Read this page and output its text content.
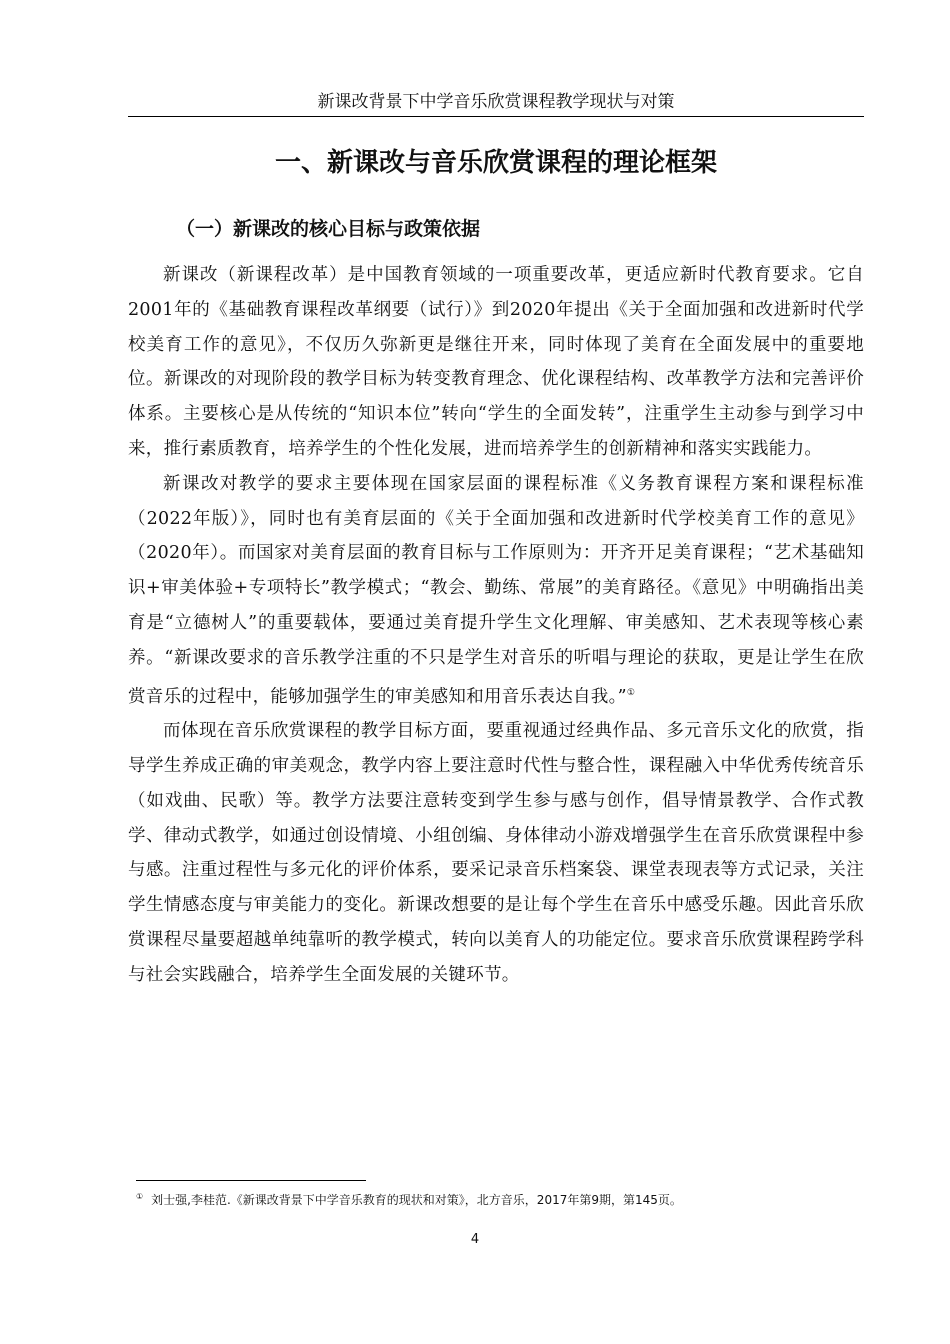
新课改背景下中学音乐欣赏课程教学现状与对策
一、新课改与音乐欣赏课程的理论框架
（一）新课改的核心目标与政策依据

新课改（新课程改革）是中国教育领域的一项重要改革，更适应新时代教育要求。它自2001年的《基础教育课程改革纲要（试行）》到2020年提出《关于全面加强和改进新时代学校美育工作的意见》，不仅历久弥新更是继往开来，同时体现了美育在全面发展中的重要地位。新课改的对现阶段的教学目标为转变教育理念、优化课程结构、改革教学方法和完善评价体系。主要核心是从传统的“知识本位”转向“学生的全面发转”，注重学生主动参与到学习中来，推行素质教育，培养学生的个性化发展，进而培养学生的创新精神和落实实践能力。

新课改对教学的要求主要体现在国家层面的课程标准《义务教育课程方案和课程标准（2022年版）》，同时也有美育层面的《关于全面加强和改进新时代学校美育工作的意见》（2020年）。而国家对美育层面的教育目标与工作原则为：开齐开足美育课程；“艺术基础知识+审美体验+专项特长”教学模式；“教会、勤练、常展”的美育路径。《意见》中明确指出美育是“立德树人”的重要载体，要通过美育提升学生文化理解、审美感知、艺术表现等核心素养。“新课改要求的音乐教学注重的不只是学生对音乐的听唱与理论的获取，更是让学生在欣赏音乐的过程中，能够加强学生的审美感知和用音乐表达自我。”①

而体现在音乐欣赏课程的教学目标方面，要重视通过经典作品、多元音乐文化的欣赏，指导学生养成正确的审美观念，教学内容上要注意时代性与整合性，课程融入中华优秀传统音乐（如戏曲、民歌）等。教学方法要注意转变到学生参与感与创作，倡导情景教学、合作式教学、律动式教学，如通过创设情境、小组创编、身体律动小游戏增强学生在音乐欣赏课程中参与感。注重过程性与多元化的评价体系，要采记录音乐档案袋、课堂表现表等方式记录，关注学生情感态度与审美能力的变化。新课改想要的是让每个学生在音乐中感受乐趣。因此音乐欣赏课程尽量要超越单纯靠听的教学模式，转向以美育人的功能定位。要求音乐欣赏课程跨学科与社会实践融合，培养学生全面发展的关键环节。

① 刘士强,李桂范.《新课改背景下中学音乐教育的现状和对策》，北方音乐，2017年第9期，第145页。
4
